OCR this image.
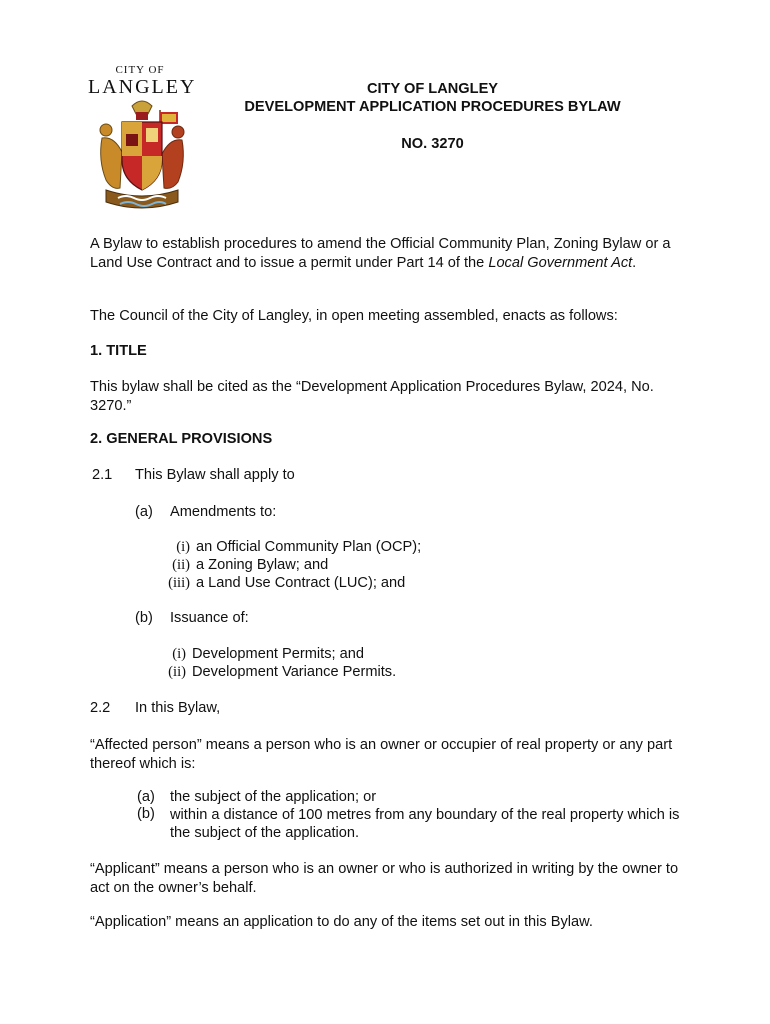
CITY OF
LANGLEY	CITY OF LANGLEY
DEVELOPMENT APPLICATION PROCEDURES BYLAW
NO. 3270
A Bylaw to establish procedures to amend the Official Community Plan, Zoning Bylaw or a Land Use Contract and to issue a permit under Part 14 of the Local Government Act.
The Council of the City of Langley, in open meeting assembled, enacts as follows:
1. TITLE
This bylaw shall be cited as the “Development Application Procedures Bylaw, 2024, No. 3270.”
2. GENERAL PROVISIONS
2.1 This Bylaw shall apply to
(a) Amendments to:
(i) an Official Community Plan (OCP);
(ii) a Zoning Bylaw; and
(iii) a Land Use Contract (LUC); and
(b) Issuance of:
(i) Development Permits; and
(ii) Development Variance Permits.
2.2 In this Bylaw,
“Affected person” means a person who is an owner or occupier of real property or any part thereof which is:
(a) the subject of the application; or
(b) within a distance of 100 metres from any boundary of the real property which is the subject of the application.
“Applicant” means a person who is an owner or who is authorized in writing by the owner to act on the owner’s behalf.
“Application” means an application to do any of the items set out in this Bylaw.
